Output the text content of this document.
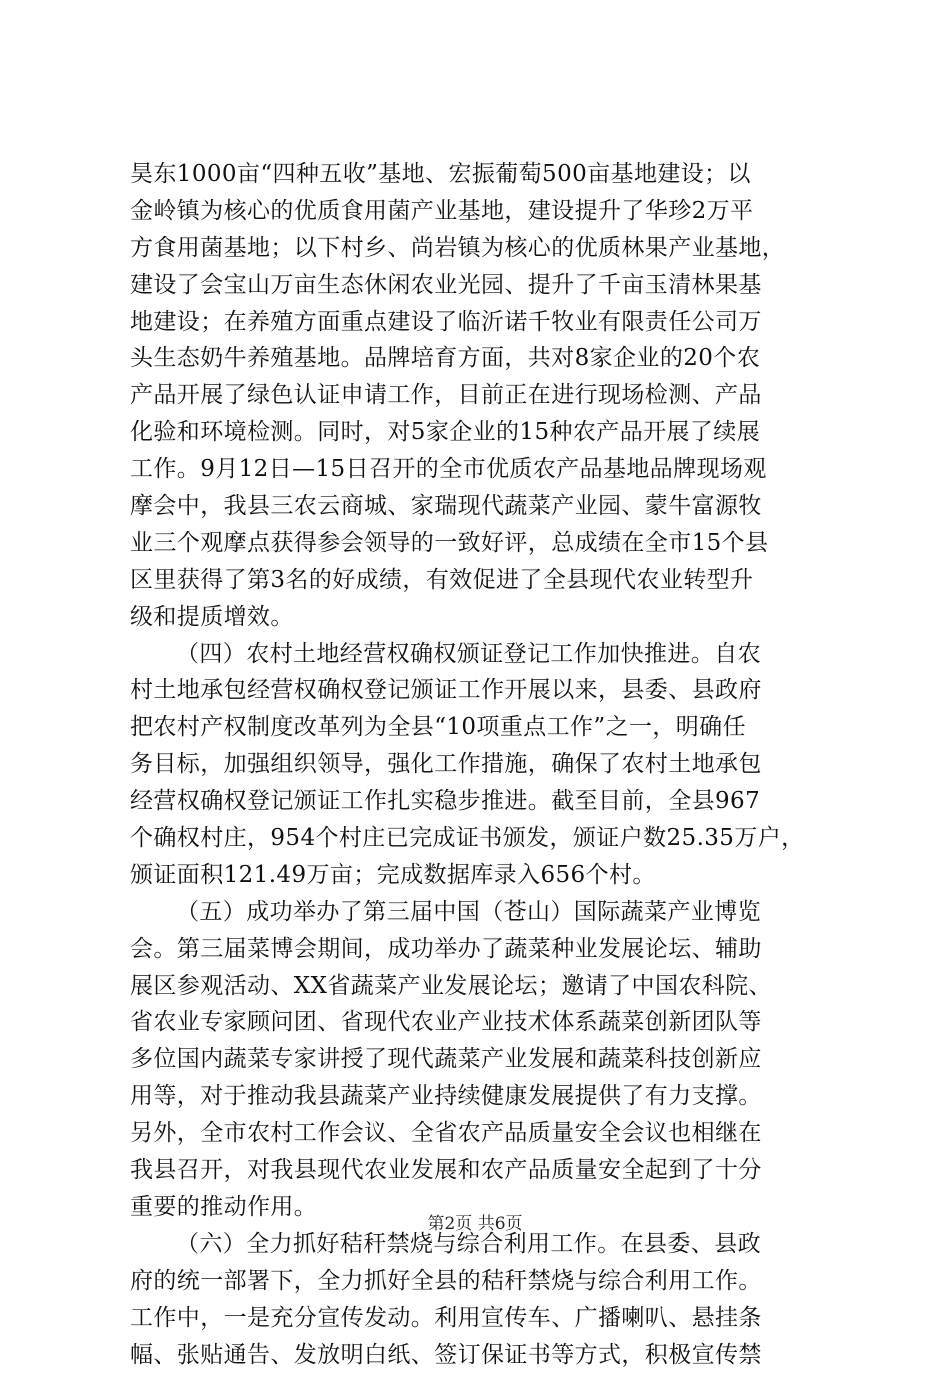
昊东1000亩“四种五收”基地、宏振葡萄500亩基地建设；以
金岭镇为核心的优质食用菌产业基地，建设提升了华珍2万平
方食用菌基地；以下村乡、尚岩镇为核心的优质林果产业基地，
建设了会宝山万亩生态休闲农业光园、提升了千亩玉清林果基
地建设；在养殖方面重点建设了临沂诺千牧业有限责任公司万
头生态奶牛养殖基地。品牌培育方面，共对8家企业的20个农
产品开展了绿色认证申请工作，目前正在进行现场检测、产品
化验和环境检测。同时，对5家企业的15种农产品开展了续展
工作。9月12日—15日召开的全市优质农产品基地品牌现场观
摩会中，我县三农云商城、家瑞现代蔬菜产业园、蒙牛富源牧
业三个观摩点获得参会领导的一致好评，总成绩在全市15个县
区里获得了第3名的好成绩，有效促进了全县现代农业转型升
级和提质增效。
（四）农村土地经营权确权颁证登记工作加快推进。自农
村土地承包经营权确权登记颁证工作开展以来，县委、县政府
把农村产权制度改革列为全县“10项重点工作”之一，明确任
务目标，加强组织领导，强化工作措施，确保了农村土地承包
经营权确权登记颁证工作扎实稳步推进。截至目前，全县967
个确权村庄，954个村庄已完成证书颁发，颁证户数25.35万户，
颁证面积121.49万亩；完成数据库录入656个村。
（五）成功举办了第三届中国（苍山）国际蔬菜产业博览
会。第三届菜博会期间，成功举办了蔬菜种业发展论坛、辅助
展区参观活动、XX省蔬菜产业发展论坛；邀请了中国农科院、
省农业专家顾问团、省现代农业产业技术体系蔬菜创新团队等
多位国内蔬菜专家讲授了现代蔬菜产业发展和蔬菜科技创新应
用等，对于推动我县蔬菜产业持续健康发展提供了有力支撑。
另外，全市农村工作会议、全省农产品质量安全会议也相继在
我县召开，对我县现代农业发展和农产品质量安全起到了十分
重要的推动作用。
（六）全力抓好秸秆禁烧与综合利用工作。在县委、县政
府的统一部署下，全力抓好全县的秸秆禁烧与综合利用工作。
工作中，一是充分宣传发动。利用宣传车、广播喇叭、悬挂条
幅、张贴通告、发放明白纸、签订保证书等方式，积极宣传禁
第2页 共6页
